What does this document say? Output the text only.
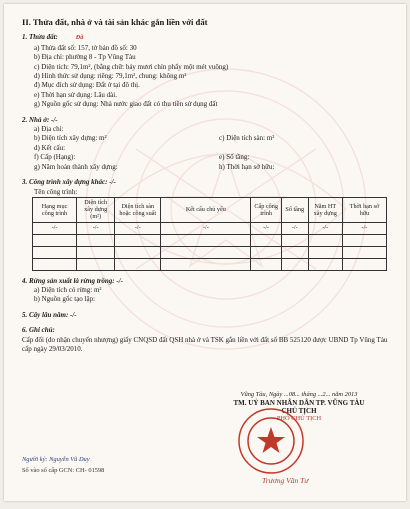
II. Thửa đất, nhà ở và tài sản khác gắn liền với đất
1. Thửa đất:	Đã
a) Thửa đất số: 157, tờ bản đồ số: 30
b) Địa chỉ: phường 8 - Tp Vũng Tàu
c) Diện tích: 79,1m², (bằng chữ: bảy mươi chín phẩy một mét vuông)
d) Hình thức sử dụng: riêng: 79,1m², chung: không m²
đ) Mục đích sử dụng: Đất ở tại đô thị.
e) Thời hạn sử dụng: Lâu dài.
g) Nguồn gốc sử dụng: Nhà nước giao đất có thu tiền sử dụng đất
2. Nhà ở: -/-
a) Địa chỉ:
b) Diện tích xây dựng: m²	c) Diện tích sàn: m²
d) Kết cấu:
f) Cấp (Hạng):	e) Số tầng:
g) Năm hoàn thành xây dựng:	h) Thời hạn sở hữu:
3. Công trình xây dựng khác: -/-
Tên công trình:
Hạng mục công trình	Diện tích xây dựng (m²)	Diện tích sàn hoặc công suất	Kết cấu chủ yếu	Cấp công trình	Số tầng	Năm HT xây dựng	Thời hạn sở hữu
-/-	-/-	-/-	-/-	-/-	-/-	-/-	-/-

4. Rừng sản xuất là rừng trồng: -/-
a) Diện tích có rừng: m²
b) Nguồn gốc tạo lập:
5. Cây lâu năm: -/-
6. Ghi chú:
Cấp đổi (do nhận chuyển nhượng) giấy CNQSD đất QSH nhà ở và TSK gắn liền với đất số BB 525120 được UBND Tp Vũng Tàu cấp ngày 29/03/2010.
Vũng Tàu, Ngày ...08... tháng ...2... năm 2013
TM. UỶ BAN NHÂN DÂN TP. VŨNG TÀU
CHỦ TỊCH
PHÓ CHỦ TỊCH
Trương Văn Tư
Người ký: Nguyễn Vũ Duy
Số vào sổ cấp GCN: CH- 01598
